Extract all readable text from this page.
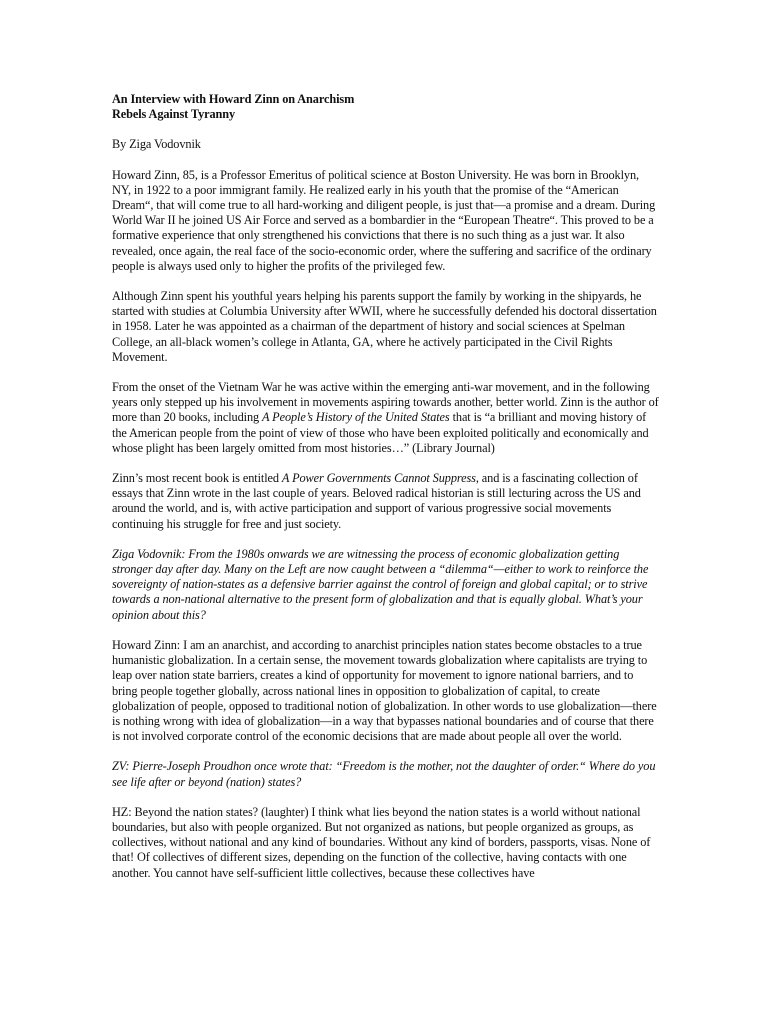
An Interview with Howard Zinn on Anarchism
Rebels Against Tyranny

By Ziga Vodovnik

Howard Zinn, 85, is a Professor Emeritus of political science at Boston University. He was born in Brooklyn, NY, in 1922 to a poor immigrant family. He realized early in his youth that the promise of the “American Dream“, that will come true to all hard-working and diligent people, is just that—a promise and a dream. During World War II he joined US Air Force and served as a bombardier in the “European Theatre“. This proved to be a formative experience that only strengthened his convictions that there is no such thing as a just war. It also revealed, once again, the real face of the socio-economic order, where the suffering and sacrifice of the ordinary people is always used only to higher the profits of the privileged few.

Although Zinn spent his youthful years helping his parents support the family by working in the shipyards, he started with studies at Columbia University after WWII, where he successfully defended his doctoral dissertation in 1958. Later he was appointed as a chairman of the department of history and social sciences at Spelman College, an all-black women’s college in Atlanta, GA, where he actively participated in the Civil Rights Movement.

From the onset of the Vietnam War he was active within the emerging anti-war movement, and in the following years only stepped up his involvement in movements aspiring towards another, better world. Zinn is the author of more than 20 books, including A People’s History of the United States that is “a brilliant and moving history of the American people from the point of view of those who have been exploited politically and economically and whose plight has been largely omitted from most histories…” (Library Journal)

Zinn’s most recent book is entitled A Power Governments Cannot Suppress, and is a fascinating collection of essays that Zinn wrote in the last couple of years. Beloved radical historian is still lecturing across the US and around the world, and is, with active participation and support of various progressive social movements continuing his struggle for free and just society.

Ziga Vodovnik: From the 1980s onwards we are witnessing the process of economic globalization getting stronger day after day. Many on the Left are now caught between a “dilemma“—either to work to reinforce the sovereignty of nation-states as a defensive barrier against the control of foreign and global capital; or to strive towards a non-national alternative to the present form of globalization and that is equally global. What’s your opinion about this?

Howard Zinn: I am an anarchist, and according to anarchist principles nation states become obstacles to a true humanistic globalization. In a certain sense, the movement towards globalization where capitalists are trying to leap over nation state barriers, creates a kind of opportunity for movement to ignore national barriers, and to bring people together globally, across national lines in opposition to globalization of capital, to create globalization of people, opposed to traditional notion of globalization. In other words to use globalization—there is nothing wrong with idea of globalization—in a way that bypasses national boundaries and of course that there is not involved corporate control of the economic decisions that are made about people all over the world.

ZV: Pierre-Joseph Proudhon once wrote that: “Freedom is the mother, not the daughter of order.“ Where do you see life after or beyond (nation) states?

HZ: Beyond the nation states? (laughter) I think what lies beyond the nation states is a world without national boundaries, but also with people organized. But not organized as nations, but people organized as groups, as collectives, without national and any kind of boundaries. Without any kind of borders, passports, visas. None of that! Of collectives of different sizes, depending on the function of the collective, having contacts with one another. You cannot have self-sufficient little collectives, because these collectives have
